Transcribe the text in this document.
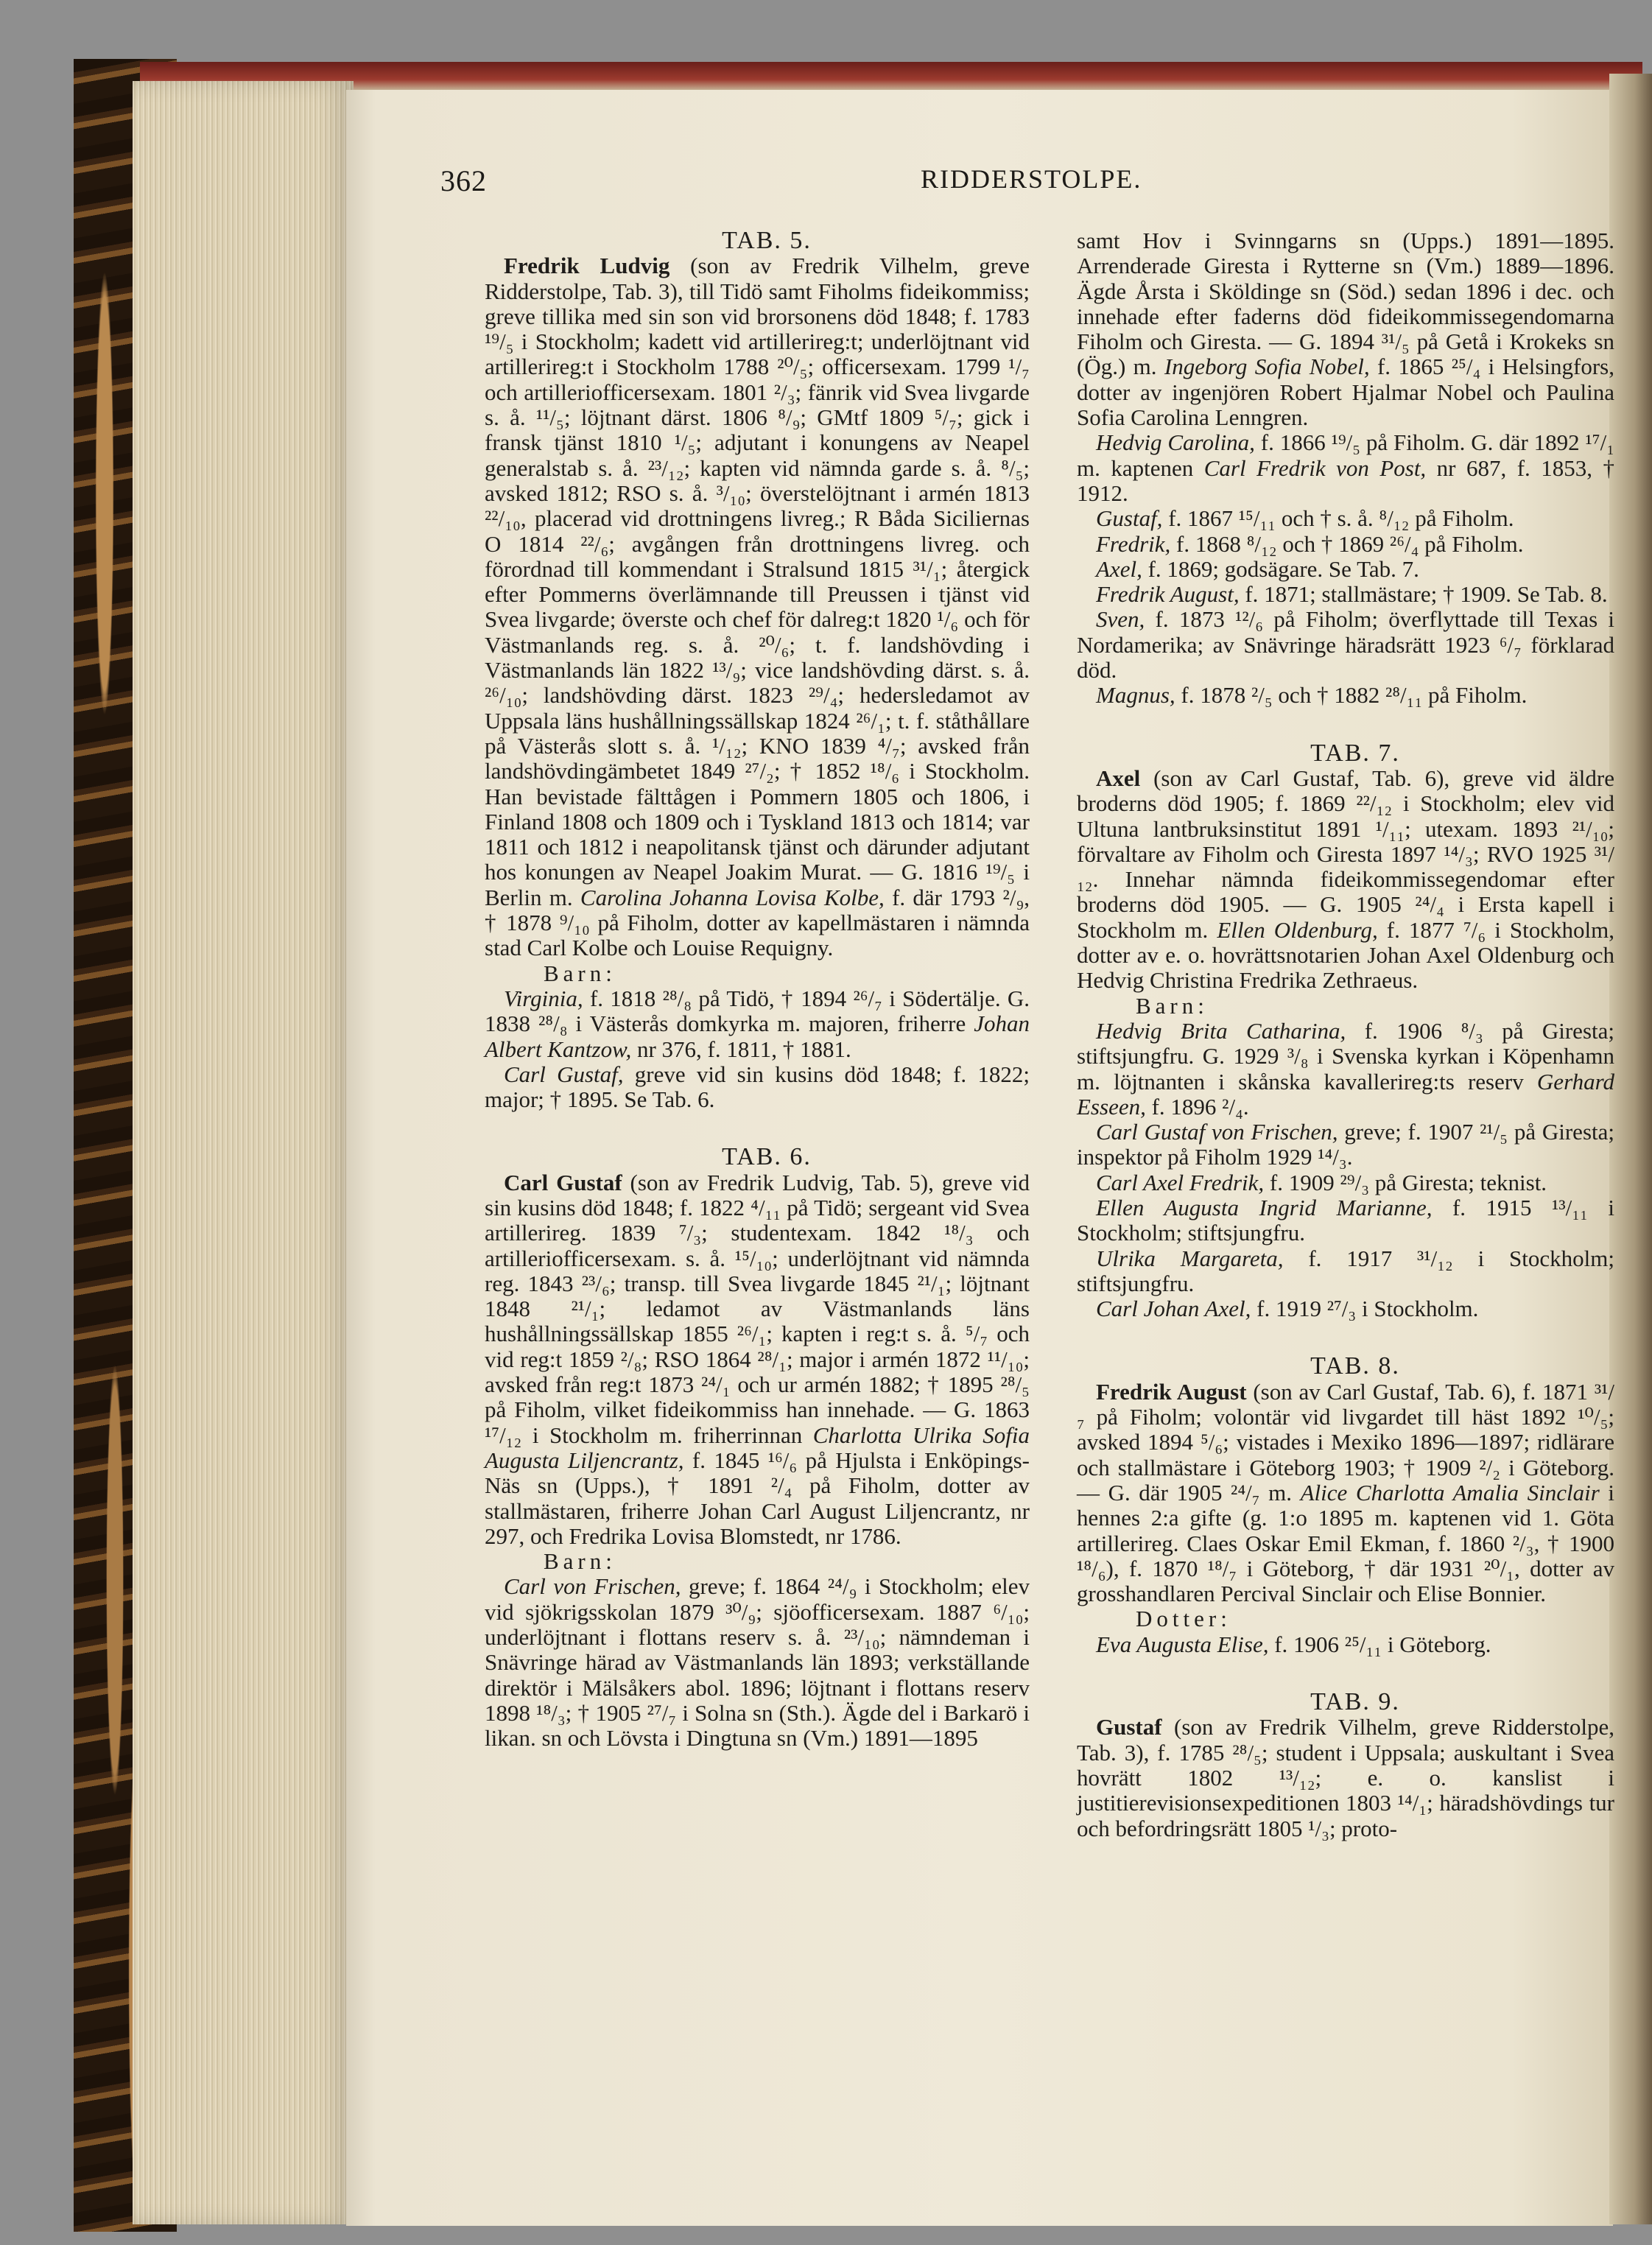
362	RIDDERSTOLPE.

TAB. 5.

Fredrik Ludvig (son av Fredrik Vilhelm, greve Ridderstolpe, Tab. 3), till Tidö samt Fiholms fideikommiss; greve tillika med sin son vid brorsonens död 1848; f. 1783 ¹⁹/₅ i Stockholm; kadett vid artillerireg:t; underlöjtnant vid artillerireg:t i Stockholm 1788 ²⁰/₅; officersexam. 1799 ¹/₇ och artilleriofficersexam. 1801 ²/₃; fänrik vid Svea livgarde s. å. ¹¹/₅; löjtnant därst. 1806 ⁸/₉; GMtf 1809 ⁵/₇; gick i fransk tjänst 1810 ¹/₅; adjutant i konungens av Neapel generalstab s. å. ²³/₁₂; kapten vid nämnda garde s. å. ⁸/₅; avsked 1812; RSO s. å. ³/₁₀; överstelöjtnant i armén 1813 ²²/₁₀, placerad vid drottningens livreg.; R Båda Siciliernas O 1814 ²²/₆; avgången från drottningens livreg. och förordnad till kommendant i Stralsund 1815 ³¹/₁; återgick efter Pommerns överlämnande till Preussen i tjänst vid Svea livgarde; överste och chef för dalreg:t 1820 ¹/₆ och för Västmanlands reg. s. å. ²⁰/₆; t. f. landshövding i Västmanlands län 1822 ¹³/₉; vice landshövding därst. s. å. ²⁶/₁₀; landshövding därst. 1823 ²⁹/₄; hedersledamot av Uppsala läns hushållningssällskap 1824 ²⁶/₁; t. f. ståthållare på Västerås slott s. å. ¹/₁₂; KNO 1839 ⁴/₇; avsked från landshövdingämbetet 1849 ²⁷/₂; † 1852 ¹⁸/₆ i Stockholm. Han bevistade fälttågen i Pommern 1805 och 1806, i Finland 1808 och 1809 och i Tyskland 1813 och 1814; var 1811 och 1812 i neapolitansk tjänst och därunder adjutant hos konungen av Neapel Joakim Murat. — G. 1816 ¹⁹/₅ i Berlin m. Carolina Johanna Lovisa Kolbe, f. där 1793 ²/₉, † 1878 ⁹/₁₀ på Fiholm, dotter av kapellmästaren i nämnda stad Carl Kolbe och Louise Requigny.

Barn:

Virginia, f. 1818 ²⁸/₈ på Tidö, † 1894 ²⁶/₇ i Södertälje. G. 1838 ²⁸/₈ i Västerås domkyrka m. majoren, friherre Johan Albert Kantzow, nr 376, f. 1811, † 1881.

Carl Gustaf, greve vid sin kusins död 1848; f. 1822; major; † 1895. Se Tab. 6.

TAB. 6.

Carl Gustaf (son av Fredrik Ludvig, Tab. 5), greve vid sin kusins död 1848; f. 1822 ⁴/₁₁ på Tidö; sergeant vid Svea artillerireg. 1839 ⁷/₃; studentexam. 1842 ¹⁸/₃ och artilleriofficersexam. s. å. ¹⁵/₁₀; underlöjtnant vid nämnda reg. 1843 ²³/₆; transp. till Svea livgarde 1845 ²¹/₁; löjtnant 1848 ²¹/₁; ledamot av Västmanlands läns hushållningssällskap 1855 ²⁶/₁; kapten i reg:t s. å. ⁵/₇ och vid reg:t 1859 ²/₈; RSO 1864 ²⁸/₁; major i armén 1872 ¹¹/₁₀; avsked från reg:t 1873 ²⁴/₁ och ur armén 1882; † 1895 ²⁸/₅ på Fiholm, vilket fideikommiss han innehade. — G. 1863 ¹⁷/₁₂ i Stockholm m. friherrinnan Charlotta Ulrika Sofia Augusta Liljencrantz, f. 1845 ¹⁶/₆ på Hjulsta i Enköpings-Näs sn (Upps.), † 1891 ²/₄ på Fiholm, dotter av stallmästaren, friherre Johan Carl August Liljencrantz, nr 297, och Fredrika Lovisa Blomstedt, nr 1786.

Barn:

Carl von Frischen, greve; f. 1864 ²⁴/₉ i Stockholm; elev vid sjökrigsskolan 1879 ³⁰/₉; sjöofficersexam. 1887 ⁶/₁₀; underlöjtnant i flottans reserv s. å. ²³/₁₀; nämndeman i Snävringe härad av Västmanlands län 1893; verkställande direktör i Mälsåkers abol. 1896; löjtnant i flottans reserv 1898 ¹⁸/₃; † 1905 ²⁷/₇ i Solna sn (Sth.). Ägde del i Barkarö i likan. sn och Lövsta i Dingtuna sn (Vm.) 1891—1895

samt Hov i Svinngarns sn (Upps.) 1891—1895. Arrenderade Giresta i Rytterne sn (Vm.) 1889—1896. Ägde Årsta i Sköldinge sn (Söd.) sedan 1896 i dec. och innehade efter faderns död fideikommissegendomarna Fiholm och Giresta. — G. 1894 ³¹/₅ på Getå i Krokeks sn (Ög.) m. Ingeborg Sofia Nobel, f. 1865 ²⁵/₄ i Helsingfors, dotter av ingenjören Robert Hjalmar Nobel och Paulina Sofia Carolina Lenngren.

Hedvig Carolina, f. 1866 ¹⁹/₅ på Fiholm. G. där 1892 ¹⁷/₁ m. kaptenen Carl Fredrik von Post, nr 687, f. 1853, † 1912.

Gustaf, f. 1867 ¹⁵/₁₁ och † s. å. ⁸/₁₂ på Fiholm.

Fredrik, f. 1868 ⁸/₁₂ och † 1869 ²⁶/₄ på Fiholm.

Axel, f. 1869; godsägare. Se Tab. 7.

Fredrik August, f. 1871; stallmästare; † 1909. Se Tab. 8.

Sven, f. 1873 ¹²/₆ på Fiholm; överflyttade till Texas i Nordamerika; av Snävringe häradsrätt 1923 ⁶/₇ förklarad död.

Magnus, f. 1878 ²/₅ och † 1882 ²⁸/₁₁ på Fiholm.

TAB. 7.

Axel (son av Carl Gustaf, Tab. 6), greve vid äldre broderns död 1905; f. 1869 ²²/₁₂ i Stockholm; elev vid Ultuna lantbruksinstitut 1891 ¹/₁₁; utexam. 1893 ²¹/₁₀; förvaltare av Fiholm och Giresta 1897 ¹⁴/₃; RVO 1925 ³¹/₁₂. Innehar nämnda fideikommissegendomar efter broderns död 1905. — G. 1905 ²⁴/₄ i Ersta kapell i Stockholm m. Ellen Oldenburg, f. 1877 ⁷/₆ i Stockholm, dotter av e. o. hovrättsnotarien Johan Axel Oldenburg och Hedvig Christina Fredrika Zethraeus.

Barn:

Hedvig Brita Catharina, f. 1906 ⁸/₃ på Giresta; stiftsjungfru. G. 1929 ³/₈ i Svenska kyrkan i Köpenhamn m. löjtnanten i skånska kavallerireg:ts reserv Gerhard Esseen, f. 1896 ²/₄.

Carl Gustaf von Frischen, greve; f. 1907 ²¹/₅ på Giresta; inspektor på Fiholm 1929 ¹⁴/₃.

Carl Axel Fredrik, f. 1909 ²⁹/₃ på Giresta; teknist.

Ellen Augusta Ingrid Marianne, f. 1915 ¹³/₁₁ i Stockholm; stiftsjungfru.

Ulrika Margareta, f. 1917 ³¹/₁₂ i Stockholm; stiftsjungfru.

Carl Johan Axel, f. 1919 ²⁷/₃ i Stockholm.

TAB. 8.

Fredrik August (son av Carl Gustaf, Tab. 6), f. 1871 ³¹/₇ på Fiholm; volontär vid livgardet till häst 1892 ¹⁰/₅; avsked 1894 ⁵/₆; vistades i Mexiko 1896—1897; ridlärare och stallmästare i Göteborg 1903; † 1909 ²/₂ i Göteborg. — G. där 1905 ²⁴/₇ m. Alice Charlotta Amalia Sinclair i hennes 2:a gifte (g. 1:o 1895 m. kaptenen vid 1. Göta artillerireg. Claes Oskar Emil Ekman, f. 1860 ²/₃, † 1900 ¹⁸/₆), f. 1870 ¹⁸/₇ i Göteborg, † där 1931 ²⁰/₁, dotter av grosshandlaren Percival Sinclair och Elise Bonnier.

Dotter:

Eva Augusta Elise, f. 1906 ²⁵/₁₁ i Göteborg.

TAB. 9.

Gustaf (son av Fredrik Vilhelm, greve Ridderstolpe, Tab. 3), f. 1785 ²⁸/₅; student i Uppsala; auskultant i Svea hovrätt 1802 ¹³/₁₂; e. o. kanslist i justitierevisionsexpeditionen 1803 ¹⁴/₁; häradshövdings tur och befordringsrätt 1805 ¹/₃; proto-
